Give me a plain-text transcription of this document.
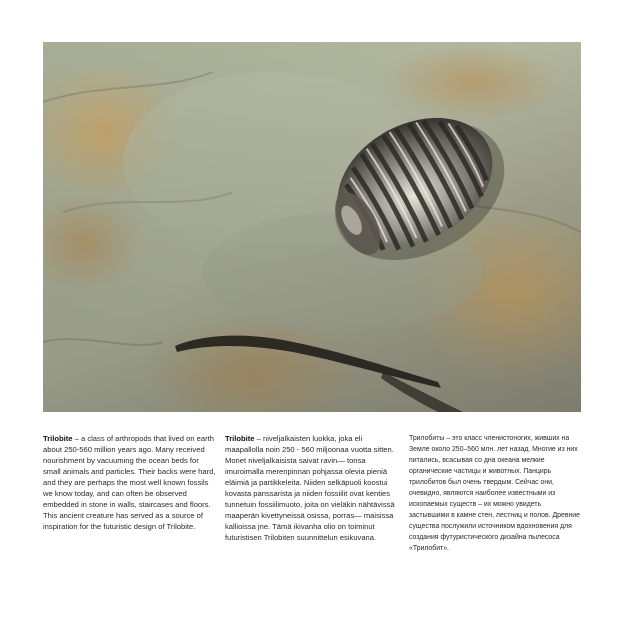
Trilobite – a class of arthropods that lived on earth about 250-560 million years ago. Many received nourishment by vacuuming the ocean beds for small animals and particles. Their backs were hard, and they are perhaps the most well known fossils we know today, and can often be observed embedded in stone in walls, staircases and floors. This ancient creature has served as a source of inspiration for the futuristic design of Trilobite.

Trilobite – niveljalkaisten luokka, joka eli maapallolla noin 250 - 560 miljoonaa vuotta sitten. Monet niveljalkaisista saivat ravin— tonsa imuroimalla merenpinnan pohjassa olevia pieniä eläimiä ja partikkeleita. Niiden selkäpuoli koostui kovasta panssarista ja niiden fossiilit ovat kenties tunnetuin fossiilimuoto, joita on vieläkin nähtävissä maaperän kivettyneissä osissa, porras— maisissa kallioissa jne. Tämä ikivanha olio on toiminut futuristisen Trilobiten suunnittelun esikuvana.

Трилобиты – это класс членистоногих, живших на Земле около 250–560 млн. лет назад. Многие из них питались, всасывая со дна океана мелкие органические частицы и животных. Панцирь трилобитов был очень твердым. Сейчас они, очевидно, являются наиболее известными из ископаемых существ – их можно увидеть застывшими в камне стен, лестниц и полов. Древние существа послужили источником вдохновения для создания футуристического дизайна пылесоса «Трилобит».
